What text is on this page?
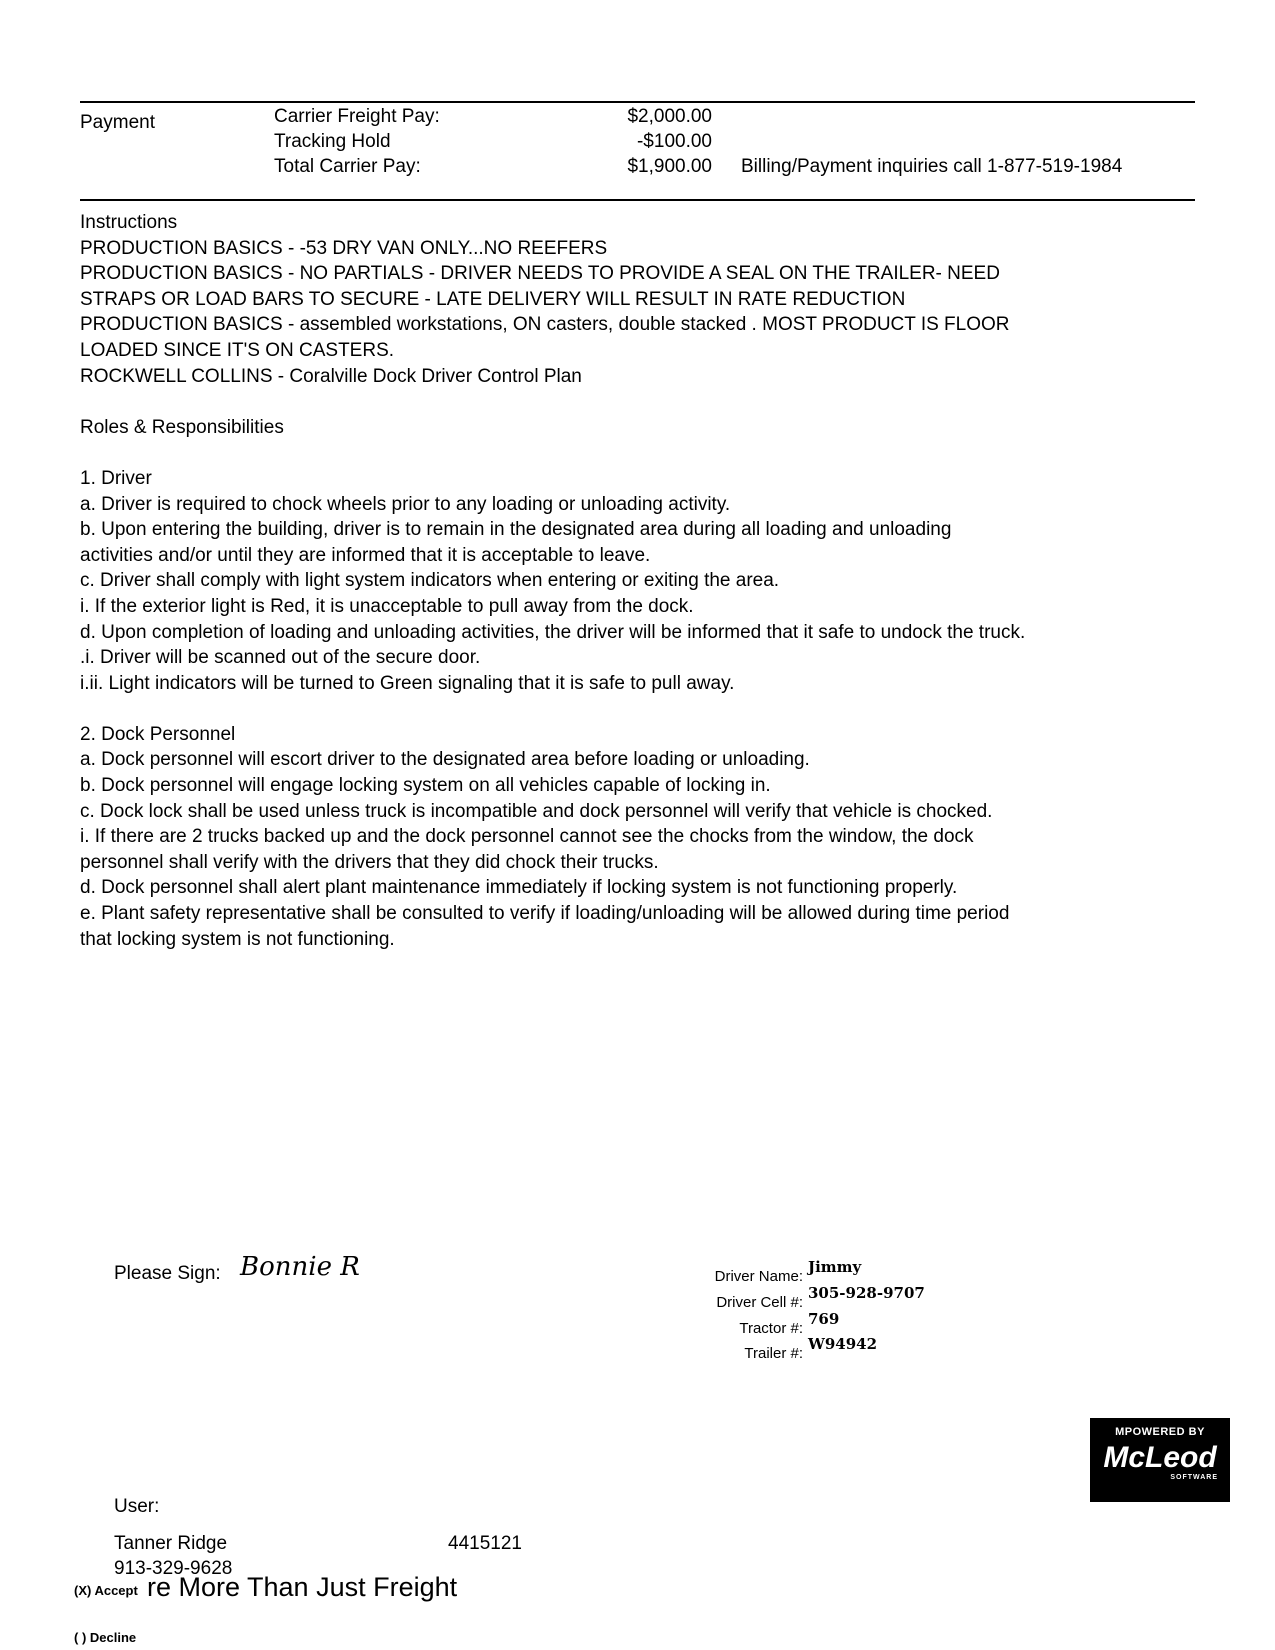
Payment	Carrier Freight Pay:	$2,000.00
Tracking Hold	-$100.00
Total Carrier Pay:	$1,900.00 Billing/Payment inquiries call 1-877-519-1984
Instructions
PRODUCTION BASICS - -53 DRY VAN ONLY...NO REEFERS
PRODUCTION BASICS - NO PARTIALS - DRIVER NEEDS TO PROVIDE A SEAL ON THE TRAILER- NEED
STRAPS OR LOAD BARS TO SECURE - LATE DELIVERY WILL RESULT IN RATE REDUCTION
PRODUCTION BASICS - assembled workstations, ON casters, double stacked . MOST PRODUCT IS FLOOR
LOADED SINCE IT'S ON CASTERS.
ROCKWELL COLLINS - Coralville Dock Driver Control Plan
Roles & Responsibilities
1. Driver
a. Driver is required to chock wheels prior to any loading or unloading activity.
b. Upon entering the building, driver is to remain in the designated area during all loading and unloading
activities and/or until they are informed that it is acceptable to leave.
c. Driver shall comply with light system indicators when entering or exiting the area.
i. If the exterior light is Red, it is unacceptable to pull away from the dock.
d. Upon completion of loading and unloading activities, the driver will be informed that it safe to undock the truck.
.i. Driver will be scanned out of the secure door.
i.ii. Light indicators will be turned to Green signaling that it is safe to pull away.
2. Dock Personnel
a. Dock personnel will escort driver to the designated area before loading or unloading.
b. Dock personnel will engage locking system on all vehicles capable of locking in.
c. Dock lock shall be used unless truck is incompatible and dock personnel will verify that vehicle is chocked.
i. If there are 2 trucks backed up and the dock personnel cannot see the chocks from the window, the dock
personnel shall verify with the drivers that they did chock their trucks.
d. Dock personnel shall alert plant maintenance immediately if locking system is not functioning properly.
e. Plant safety representative shall be consulted to verify if loading/unloading will be allowed during time period
that locking system is not functioning.
Please Sign: Bonnie R	Driver Name:
Jimmy
Driver Cell #:
305-928-9707
Tractor #:
769
Trailer #:
W94942
MPOWERED BY
McLeod
SOFTWARE
User:
Tanner Ridge	4415121
913-329-9628
re More Than Just Freight
(X) Accept
( ) Decline
